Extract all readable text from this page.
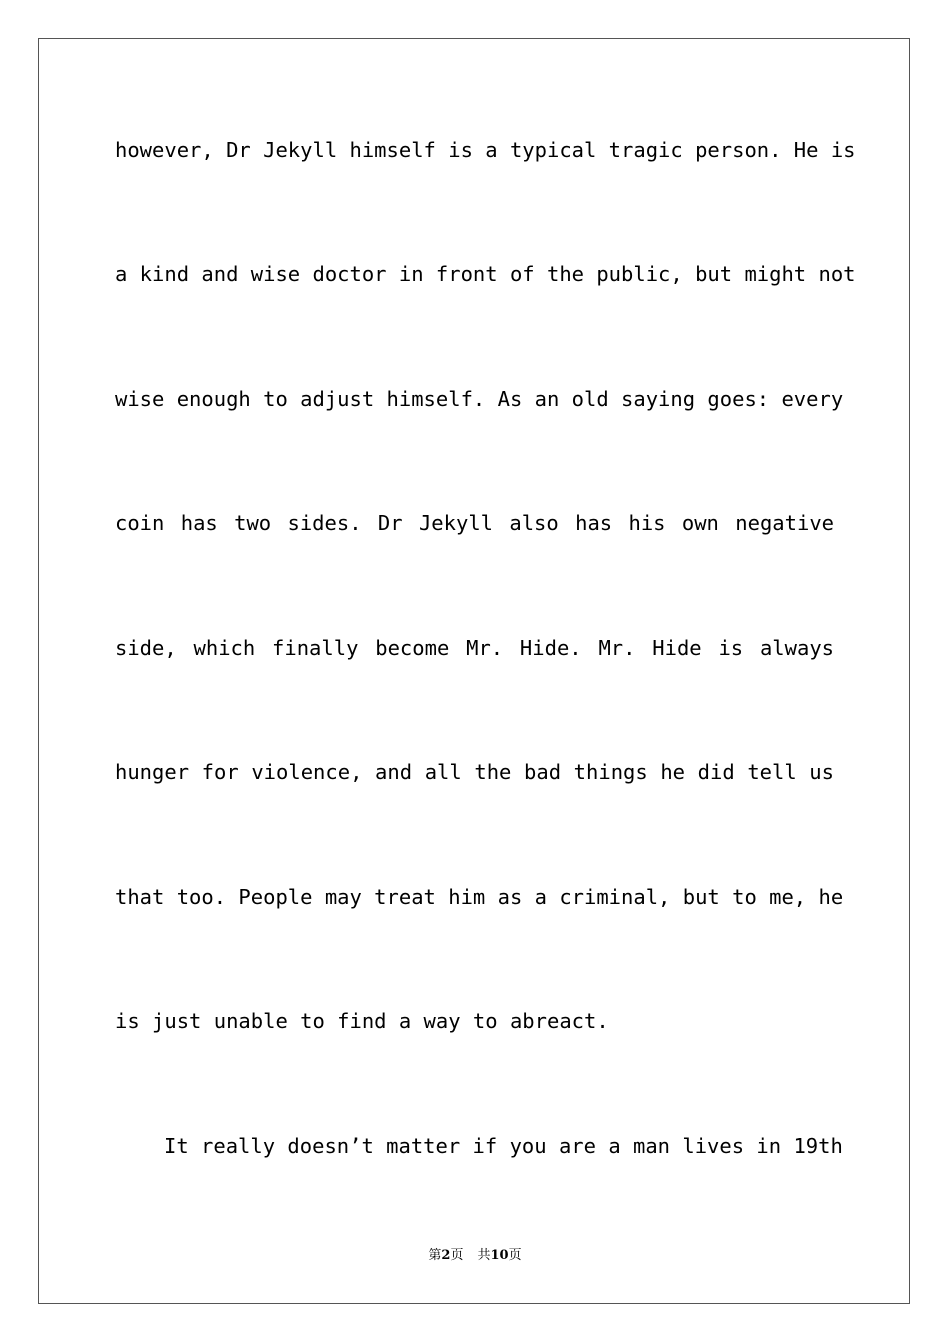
however, Dr Jekyll himself is a typical tragic person. He is
a kind and wise doctor in front of the public, but might not
wise enough to adjust himself. As an old saying goes: every
coin has two sides. Dr Jekyll also has his own negative
side, which finally become Mr. Hide. Mr. Hide is always
hunger for violence, and all the bad things he did tell us
that too. People may treat him as a criminal, but to me, he
is just unable to find a way to abreact.
It really doesn’t matter if you are a man lives in 19th
第2页 共10页
